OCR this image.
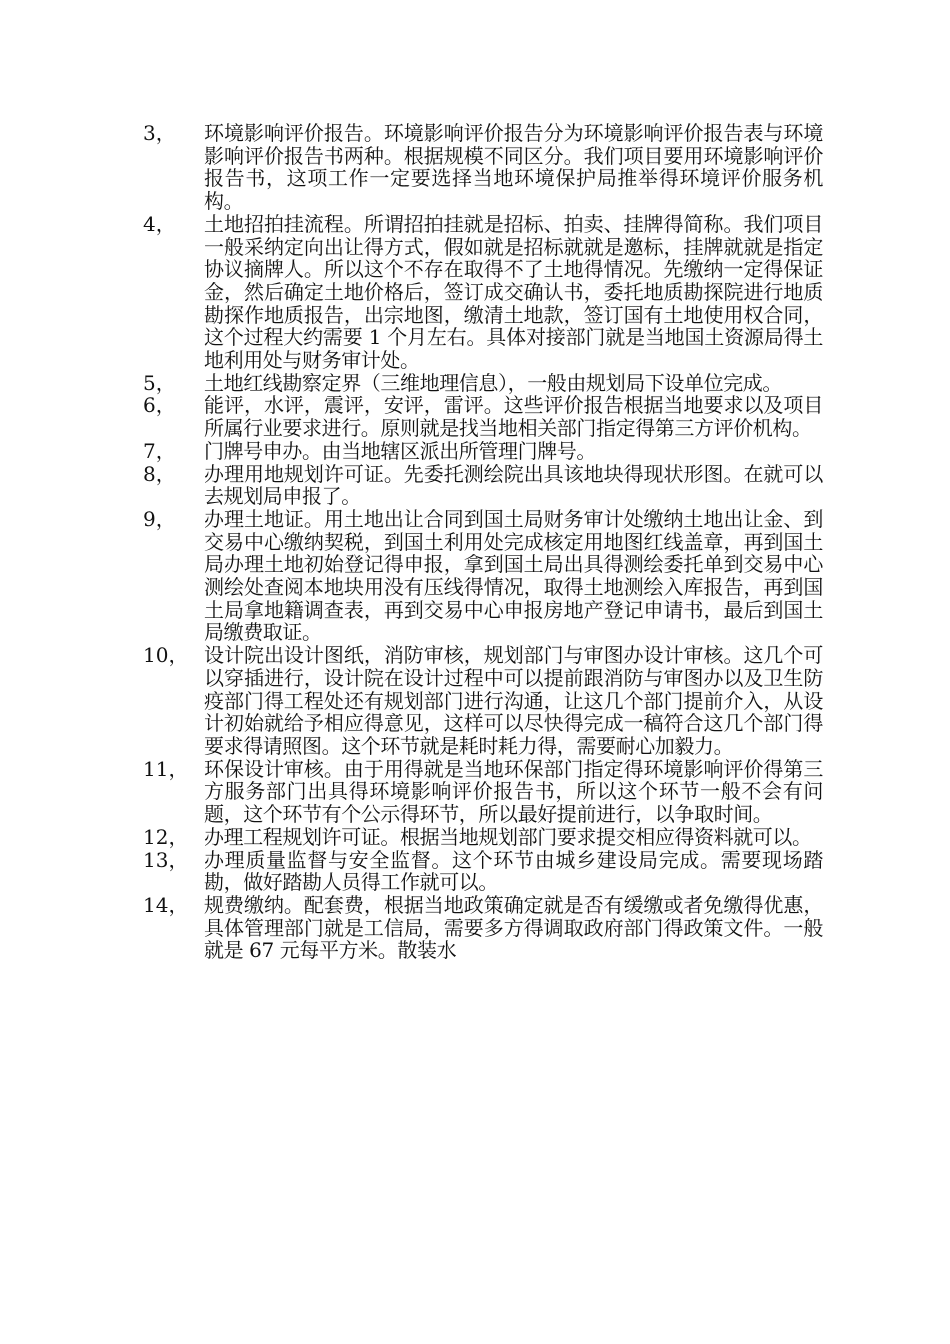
3，	环境影响评价报告。环境影响评价报告分为环境影响评价报告表与环境影响评价报告书两种。根据规模不同区分。我们项目要用环境影响评价报告书，这项工作一定要选择当地环境保护局推举得环境评价服务机构。
4，	土地招拍挂流程。所谓招拍挂就是招标、拍卖、挂牌得简称。我们项目一般采纳定向出让得方式，假如就是招标就就是邀标，挂牌就就是指定协议摘牌人。所以这个不存在取得不了土地得情况。先缴纳一定得保证金，然后确定土地价格后，签订成交确认书，委托地质勘探院进行地质勘探作地质报告，出宗地图，缴清土地款，签订国有土地使用权合同，这个过程大约需要 1 个月左右。具体对接部门就是当地国土资源局得土地利用处与财务审计处。
5，	土地红线勘察定界（三维地理信息），一般由规划局下设单位完成。
6，	能评，水评，震评，安评，雷评。这些评价报告根据当地要求以及项目所属行业要求进行。原则就是找当地相关部门指定得第三方评价机构。
7，	门牌号申办。由当地辖区派出所管理门牌号。
8，	办理用地规划许可证。先委托测绘院出具该地块得现状形图。在就可以去规划局申报了。
9，	办理土地证。用土地出让合同到国土局财务审计处缴纳土地出让金、到交易中心缴纳契税，到国土利用处完成核定用地图红线盖章，再到国土局办理土地初始登记得申报，拿到国土局出具得测绘委托单到交易中心测绘处查阅本地块用没有压线得情况，取得土地测绘入库报告，再到国土局拿地籍调查表，再到交易中心申报房地产登记申请书，最后到国土局缴费取证。
10， 设计院出设计图纸，消防审核，规划部门与审图办设计审核。这几个可以穿插进行，设计院在设计过程中可以提前跟消防与审图办以及卫生防疫部门得工程处还有规划部门进行沟通，让这几个部门提前介入，从设计初始就给予相应得意见，这样可以尽快得完成一稿符合这几个部门得要求得请照图。这个环节就是耗时耗力得，需要耐心加毅力。
11， 环保设计审核。由于用得就是当地环保部门指定得环境影响评价得第三方服务部门出具得环境影响评价报告书，所以这个环节一般不会有问题，这个环节有个公示得环节，所以最好提前进行，以争取时间。
12， 办理工程规划许可证。根据当地规划部门要求提交相应得资料就可以。
13， 办理质量监督与安全监督。这个环节由城乡建设局完成。需要现场踏勘，做好踏勘人员得工作就可以。
14， 规费缴纳。配套费，根据当地政策确定就是否有缓缴或者免缴得优惠，具体管理部门就是工信局，需要多方得调取政府部门得政策文件。一般就是 67 元每平方米。散装水
